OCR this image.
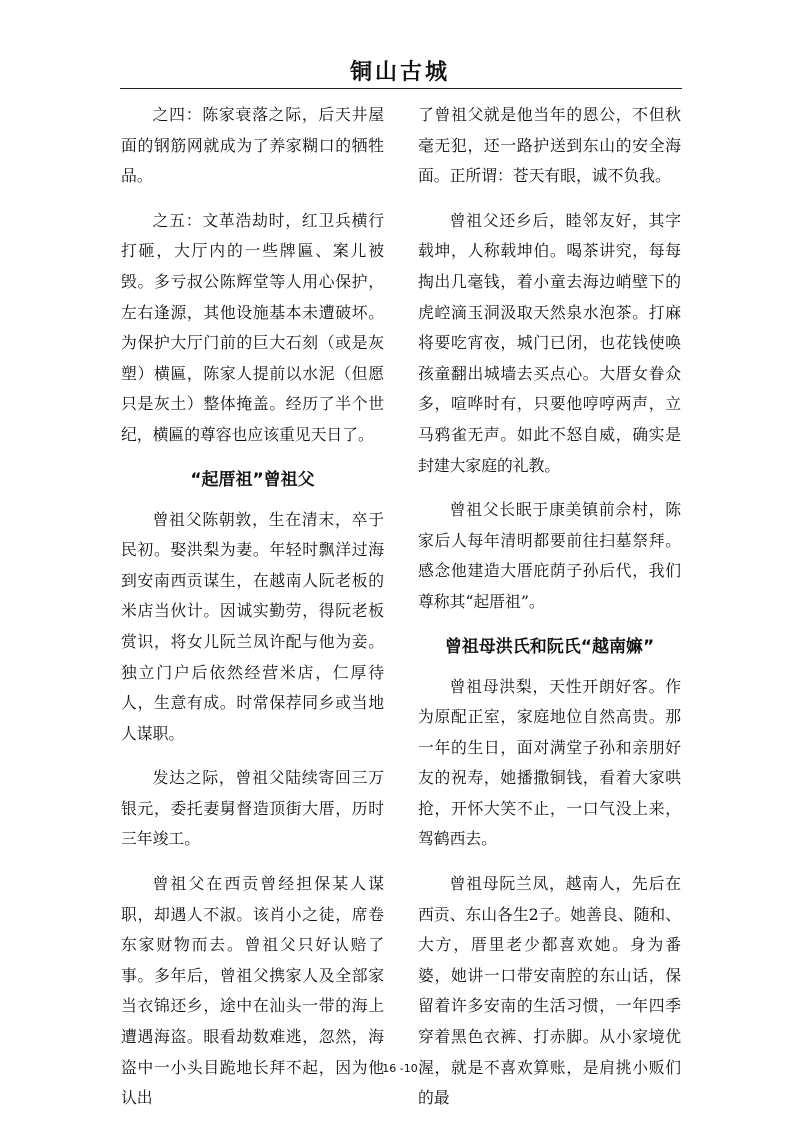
铜山古城

之四：陈家衰落之际，后天井屋面的钢筋网就成为了养家糊口的牺牲品。

之五：文革浩劫时，红卫兵横行打砸，大厅内的一些牌匾、案儿被毁。多亏叔公陈辉堂等人用心保护，左右逢源，其他设施基本未遭破坏。为保护大厅门前的巨大石刻（或是灰塑）横匾，陈家人提前以水泥（但愿只是灰土）整体掩盖。经历了半个世纪，横匾的尊容也应该重见天日了。

“起厝祖”曾祖父

曾祖父陈朝敦，生在清末，卒于民初。娶洪梨为妻。年轻时飘洋过海到安南西贡谋生，在越南人阮老板的米店当伙计。因诚实勤劳，得阮老板赏识，将女儿阮兰凤许配与他为妾。独立门户后依然经营米店，仁厚待人，生意有成。时常保荐同乡或当地人谋职。

发达之际，曾祖父陆续寄回三万银元，委托妻舅督造顶街大厝，历时三年竣工。

曾祖父在西贡曾经担保某人谋职，却遇人不淑。该肖小之徒，席卷东家财物而去。曾祖父只好认赔了事。多年后，曾祖父携家人及全部家当衣锦还乡，途中在汕头一带的海上遭遇海盗。眼看劫数难逃，忽然，海盗中一小头目跪地长拜不起，因为他认出

了曾祖父就是他当年的恩公，不但秋毫无犯，还一路护送到东山的安全海面。正所谓：苍天有眼，诚不负我。

曾祖父还乡后，睦邻友好，其字载坤，人称载坤伯。喝茶讲究，每每掏出几毫钱，着小童去海边峭壁下的虎崆滴玉洞汲取天然泉水泡茶。打麻将要吃宵夜，城门已闭，也花钱使唤孩童翻出城墙去买点心。大厝女眷众多，喧哗时有，只要他哼哼两声，立马鸦雀无声。如此不怒自威，确实是封建大家庭的礼教。

曾祖父长眠于康美镇前佘村，陈家后人每年清明都要前往扫墓祭拜。感念他建造大厝庇荫子孙后代，我们尊称其“起厝祖”。

曾祖母洪氏和阮氏“越南嫲”

曾祖母洪梨，天性开朗好客。作为原配正室，家庭地位自然高贵。那一年的生日，面对满堂子孙和亲朋好友的祝寿，她播撒铜钱，看着大家哄抢，开怀大笑不止，一口气没上来，驾鹤西去。

曾祖母阮兰凤，越南人，先后在西贡、东山各生2子。她善良、随和、大方，厝里老少都喜欢她。身为番婆，她讲一口带安南腔的东山话，保留着许多安南的生活习惯，一年四季穿着黑色衣裤、打赤脚。从小家境优渥，就是不喜欢算账，是肩挑小贩们的最

16 -10
